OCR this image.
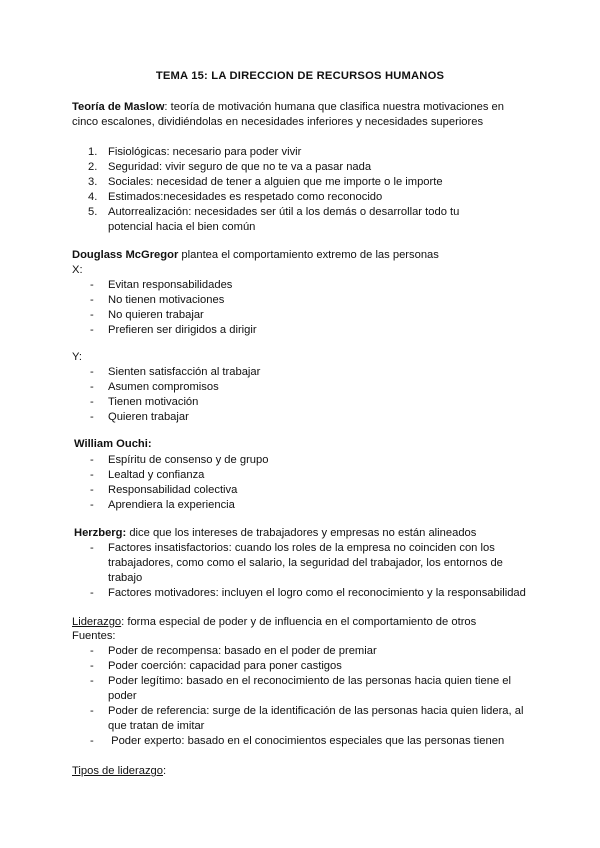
TEMA 15: LA DIRECCION DE RECURSOS HUMANOS
Teoría de Maslow: teoría de motivación humana que clasifica nuestra motivaciones en cinco escalones, dividiéndolas en necesidades inferiores y necesidades superiores
1. Fisiológicas: necesario para poder vivir
2. Seguridad: vivir seguro de que no te va a pasar nada
3. Sociales: necesidad de tener a alguien que me importe o le importe
4. Estimados:necesidades es respetado como reconocido
5. Autorrealización: necesidades ser útil a los demás o desarrollar todo tu potencial hacia el bien común
Douglass McGregor plantea el comportamiento extremo de las personas
X:
- Evitan responsabilidades
- No tienen motivaciones
- No quieren trabajar
- Prefieren ser dirigidos a dirigir
Y:
- Sienten satisfacción al trabajar
- Asumen compromisos
- Tienen motivación
- Quieren trabajar
William Ouchi:
- Espíritu de consenso y de grupo
- Lealtad y confianza
- Responsabilidad colectiva
- Aprendiera la experiencia
Herzberg: dice que los intereses de trabajadores y empresas no están alineados
- Factores insatisfactorios: cuando los roles de la empresa no coinciden con los trabajadores, como como el salario, la seguridad del trabajador, los entornos de trabajo
- Factores motivadores: incluyen el logro como el reconocimiento y la responsabilidad
Liderazgo: forma especial de poder y de influencia en el comportamiento de otros
Fuentes:
- Poder de recompensa: basado en el poder de premiar
- Poder coerción: capacidad para poner castigos
- Poder legítimo: basado en el reconocimiento de las personas hacia quien tiene el poder
- Poder de referencia: surge de la identificación de las personas hacia quien lidera, al que tratan de imitar
- Poder experto: basado en el conocimientos especiales que las personas tienen
Tipos de liderazgo:
